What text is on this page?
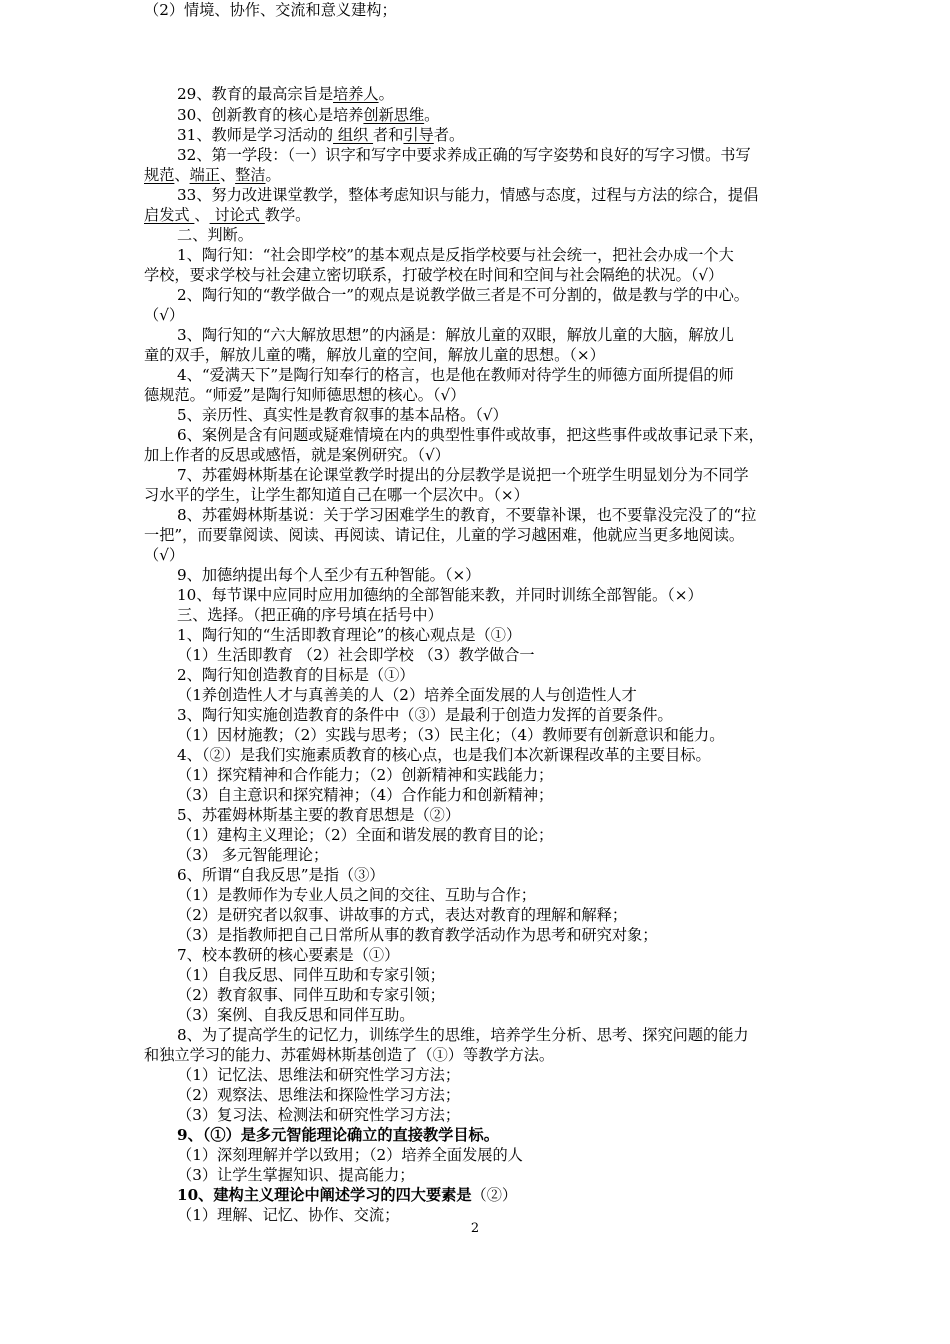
29、教育的最高宗旨是培养人。
30、创新教育的核心是培养创新思维。
31、教师是学习活动的 组织 者和引导者。
32、第一学段：（一）识字和写字中要求养成正确的写字姿势和良好的写字习惯。书写
规范、端正、整洁。
33、努力改进课堂教学，整体考虑知识与能力，情感与态度，过程与方法的综合，提倡
启发式 、 讨论式 教学。
二、判断。
1、陶行知：“社会即学校”的基本观点是反指学校要与社会统一，把社会办成一个大
学校，要求学校与社会建立密切联系，打破学校在时间和空间与社会隔绝的状况。（√）
2、陶行知的“教学做合一”的观点是说教学做三者是不可分割的，做是教与学的中心。
（√）
3、陶行知的“六大解放思想”的内涵是：解放儿童的双眼，解放儿童的大脑，解放儿
童的双手，解放儿童的嘴，解放儿童的空间，解放儿童的思想。（×）
4、“爱满天下”是陶行知奉行的格言，也是他在教师对待学生的师德方面所提倡的师
德规范。“师爱”是陶行知师德思想的核心。（√）
5、亲历性、真实性是教育叙事的基本品格。（√）
6、案例是含有问题或疑难情境在内的典型性事件或故事，把这些事件或故事记录下来，
加上作者的反思或感悟，就是案例研究。（√）
7、苏霍姆林斯基在论课堂教学时提出的分层教学是说把一个班学生明显划分为不同学
习水平的学生，让学生都知道自己在哪一个层次中。（×）
8、苏霍姆林斯基说：关于学习困难学生的教育，不要靠补课，也不要靠没完没了的“拉
一把”，而要靠阅读、阅读、再阅读、请记住，儿童的学习越困难，他就应当更多地阅读。
（√）
9、加德纳提出每个人至少有五种智能。（×）
10、每节课中应同时应用加德纳的全部智能来教，并同时训练全部智能。（×）
三、选择。（把正确的序号填在括号中）
1、陶行知的“生活即教育理论”的核心观点是（①）
（1）生活即教育 （2）社会即学校 （3）教学做合一
2、陶行知创造教育的目标是（①）
（1养创造性人才与真善美的人（2）培养全面发展的人与创造性人才
3、陶行知实施创造教育的条件中（③）是最利于创造力发挥的首要条件。
（1）因材施教；（2）实践与思考；（3）民主化；（4）教师要有创新意识和能力。
4、（②）是我们实施素质教育的核心点，也是我们本次新课程改革的主要目标。
（1）探究精神和合作能力；（2）创新精神和实践能力；
（3）自主意识和探究精神；（4）合作能力和创新精神；
5、苏霍姆林斯基主要的教育思想是（②）
（1）建构主义理论；（2）全面和谐发展的教育目的论；
（3） 多元智能理论；
6、所谓“自我反思”是指（③）
（1）是教师作为专业人员之间的交往、互助与合作；
（2）是研究者以叙事、讲故事的方式，表达对教育的理解和解释；
（3）是指教师把自己日常所从事的教育教学活动作为思考和研究对象；
7、校本教研的核心要素是（①）
（1）自我反思、同伴互助和专家引领；
（2）教育叙事、同伴互助和专家引领；
（3）案例、自我反思和同伴互助。
8、为了提高学生的记忆力，训练学生的思维，培养学生分析、思考、探究问题的能力
和独立学习的能力、苏霍姆林斯基创造了（①）等教学方法。
（1）记忆法、思维法和研究性学习方法；
（2）观察法、思维法和探险性学习方法；
（3）复习法、检测法和研究性学习方法；
9、（①）是多元智能理论确立的直接教学目标。
（1）深刻理解并学以致用；（2）培养全面发展的人
（3）让学生掌握知识、提高能力；
10、建构主义理论中阐述学习的四大要素是（②）
（1）理解、记忆、协作、交流；
（2）情境、协作、交流和意义建构；
2
